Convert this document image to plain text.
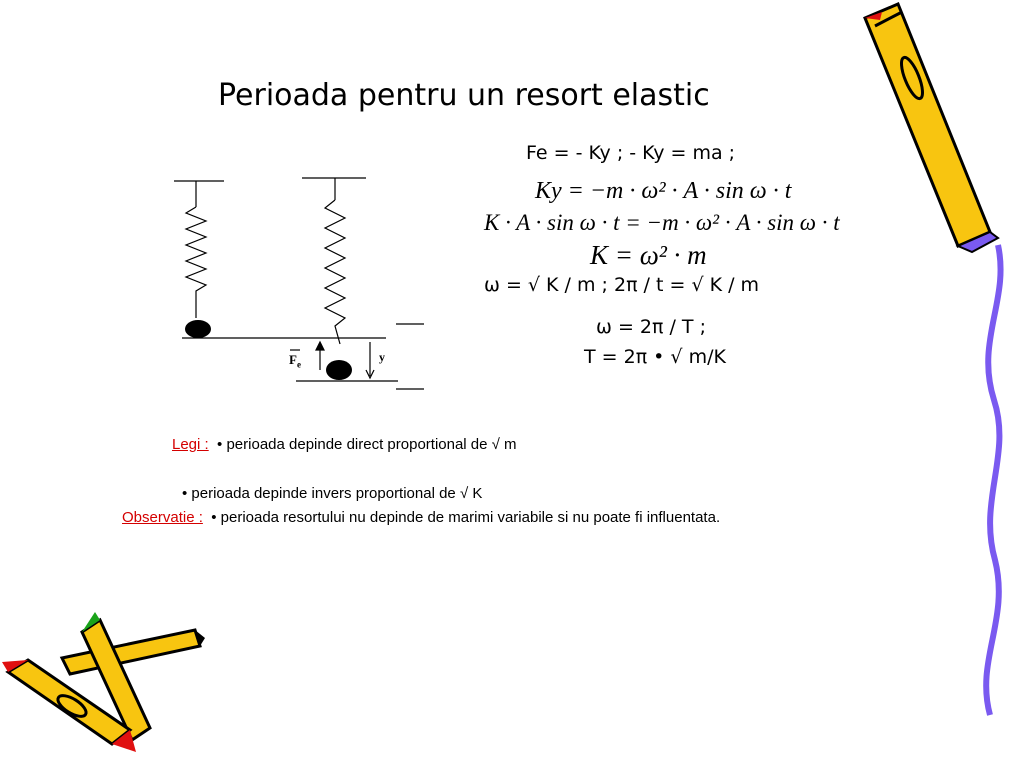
Perioada pentru un resort elastic
$F_e$
y
Fe = - Ky ; - Ky = ma ;
Ky = −m · ω² · A · sin ω · t
K · A · sin ω · t = −m · ω² · A · sin ω · t
K = ω² · m
ω = √ K / m ; 2π / t = √ K / m
ω = 2π / T ;
T = 2π • √ m/K
Legi : • perioada depinde direct proportional de √ m
• perioada depinde invers proportional de √ K
Observatie : • perioada resortului nu depinde de marimi variabile si nu poate fi influentata.
